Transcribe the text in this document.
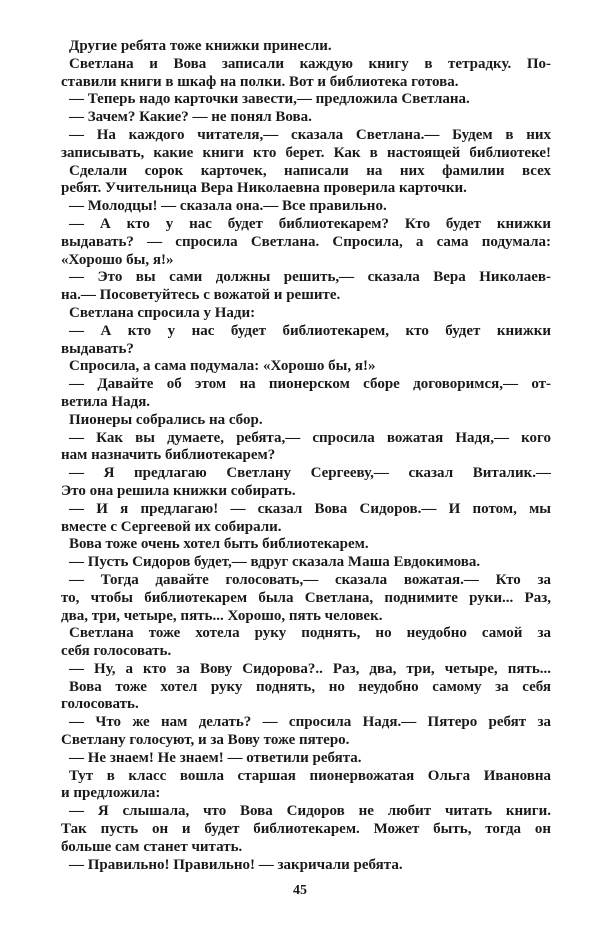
Другие ребята тоже книжки принесли.
Светлана и Вова записали каждую книгу в тетрадку. По-
ставили книги в шкаф на полки. Вот и библиотека готова.
— Теперь надо карточки завести,— предложила Светлана.
— Зачем? Какие? — не понял Вова.
— На каждого читателя,— сказала Светлана.— Будем в них
записывать, какие книги кто берет. Как в настоящей библиотеке!
Сделали сорок карточек, написали на них фамилии всех
ребят. Учительница Вера Николаевна проверила карточки.
— Молодцы! — сказала она.— Все правильно.
— А кто у нас будет библиотекарем? Кто будет книжки
выдавать? — спросила Светлана. Спросила, а сама подумала:
«Хорошо бы, я!»
— Это вы сами должны решить,— сказала Вера Николаев-
на.— Посоветуйтесь с вожатой и решите.
Светлана спросила у Нади:
— А кто у нас будет библиотекарем, кто будет книжки
выдавать?
Спросила, а сама подумала: «Хорошо бы, я!»
— Давайте об этом на пионерском сборе договоримся,— от-
ветила Надя.
Пионеры собрались на сбор.
— Как вы думаете, ребята,— спросила вожатая Надя,— кого
нам назначить библиотекарем?
— Я предлагаю Светлану Сергееву,— сказал Виталик.—
Это она решила книжки собирать.
— И я предлагаю! — сказал Вова Сидоров.— И потом, мы
вместе с Сергеевой их собирали.
Вова тоже очень хотел быть библиотекарем.
— Пусть Сидоров будет,— вдруг сказала Маша Евдокимова.
— Тогда давайте голосовать,— сказала вожатая.— Кто за
то, чтобы библиотекарем была Светлана, поднимите руки... Раз,
два, три, четыре, пять... Хорошо, пять человек.
Светлана тоже хотела руку поднять, но неудобно самой за
себя голосовать.
— Ну, а кто за Вову Сидорова?.. Раз, два, три, четыре, пять...
Вова тоже хотел руку поднять, но неудобно самому за себя
голосовать.
— Что же нам делать? — спросила Надя.— Пятеро ребят за
Светлану голосуют, и за Вову тоже пятеро.
— Не знаем! Не знаем! — ответили ребята.
Тут в класс вошла старшая пионервожатая Ольга Ивановна
и предложила:
— Я слышала, что Вова Сидоров не любит читать книги.
Так пусть он и будет библиотекарем. Может быть, тогда он
больше сам станет читать.
— Правильно! Правильно! — закричали ребята.
45
